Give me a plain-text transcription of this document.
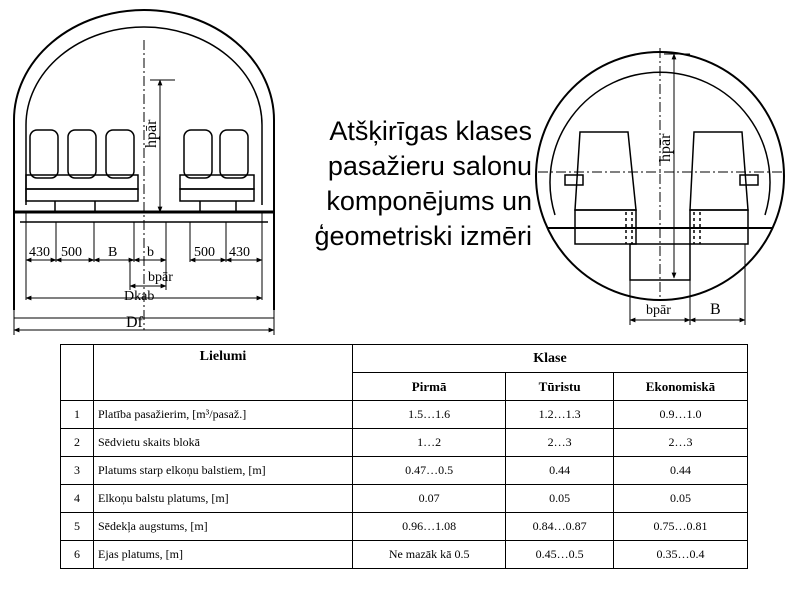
hpār
430 500 B b	500 430
bpār
Dkab
Df
hpār
bpār B
Atšķirīgas klases
pasažieru salonu
komponējums un
ģeometriski izmēri
	Lielumi	Klase		
		Pirmā	Tūristu	Ekonomiskā
1	Platība pasažierim, [m³/pasaž.]	1.5…1.6	1.2…1.3	0.9…1.0
2	Sēdvietu skaits blokā	1…2	2…3	2…3
3	Platums starp elkoņu balstiem, [m]	0.47…0.5	0.44	0.44
4	Elkoņu balstu platums, [m]	0.07	0.05	0.05
5	Sēdekļa augstums, [m]	0.96…1.08	0.84…0.87	0.75…0.81
6	Ejas platums, [m]	Ne mazāk kā 0.5	0.45…0.5	0.35…0.4
